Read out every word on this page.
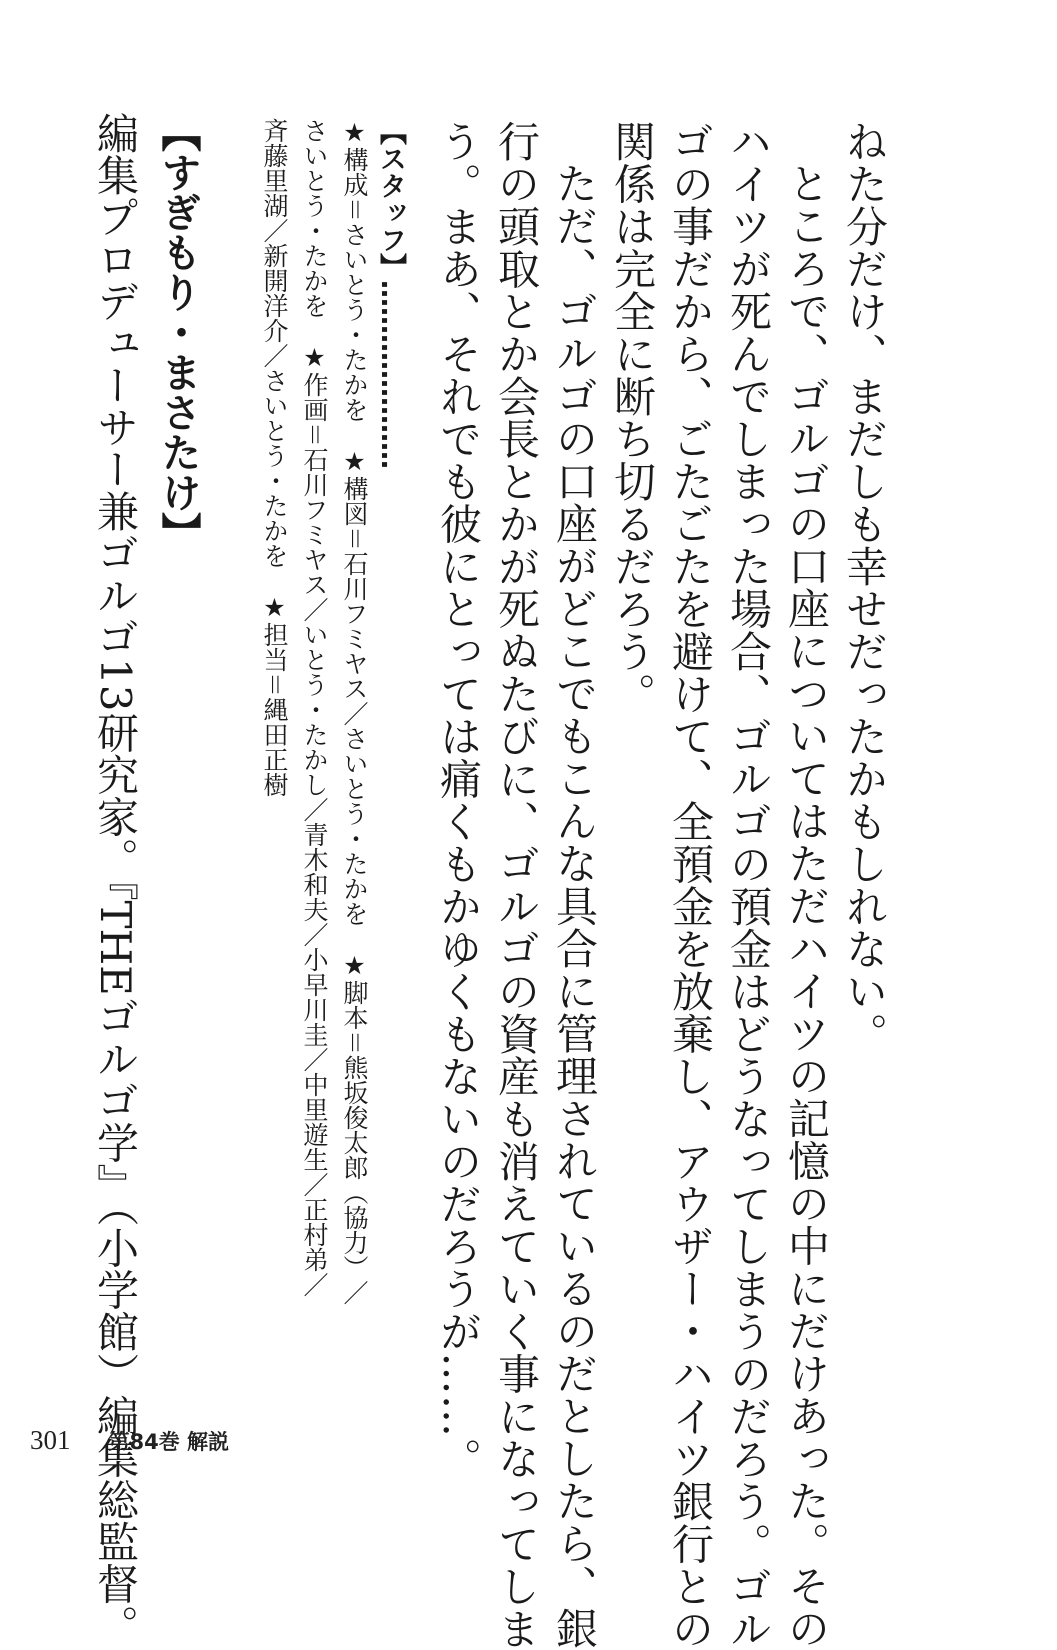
ねた分だけ、まだしも幸せだったかもしれない。
ところで、ゴルゴの口座についてはただハイツの記憶の中にだけあった。その
ハイツが死んでしまった場合、ゴルゴの預金はどうなってしまうのだろう。ゴル
ゴの事だから、ごたごたを避けて、全預金を放棄し、アウザー・ハイツ銀行との
関係は完全に断ち切るだろう。
ただ、ゴルゴの口座がどこでもこんな具合に管理されているのだとしたら、銀
行の頭取とか会長とかが死ぬたびに、ゴルゴの資産も消えていく事になってしま
う。まあ、それでも彼にとっては痛くもかゆくもないのだろうが……。
【スタッフ】…………………
★構成＝さいとう・たかを　★構図＝石川フミヤス／さいとう・たかを　★脚本＝熊坂俊太郎（協力）／
さいとう・たかを　★作画＝石川フミヤス／いとう・たかし／青木和夫／小早川圭／中里遊生／正村弟／
斉藤里湖／新開洋介／さいとう・たかを　★担当＝縄田正樹
【すぎもり・まさたけ】
編集プロデューサー兼ゴルゴ13研究家。『THEゴルゴ学』（小学館）編集総監督。
301 第84巻 解説
